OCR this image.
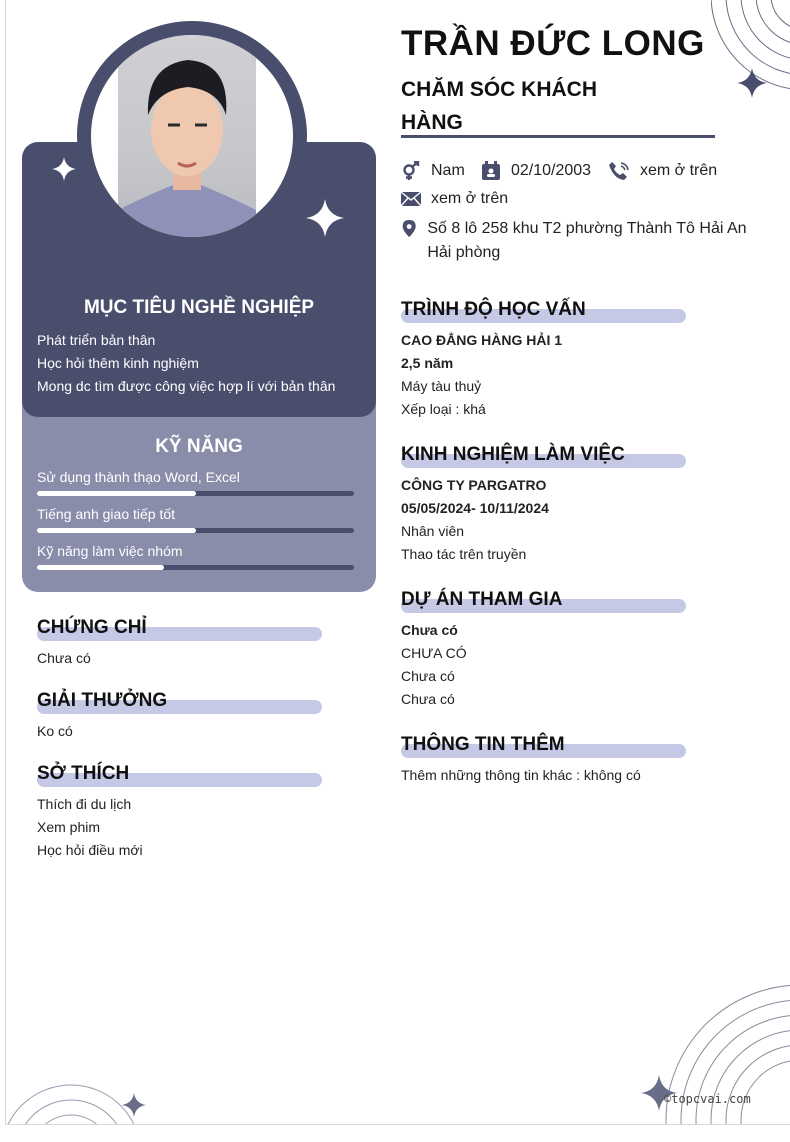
MỤC TIÊU NGHỀ NGHIỆP
Phát triển bản thân
Học hỏi thêm kinh nghiệm
Mong dc tìm được công việc hợp lí với bản thân
KỸ NĂNG
Sử dụng thành thạo Word, Excel
Tiếng anh giao tiếp tốt
Kỹ năng làm việc nhóm
CHỨNG CHỈ
Chưa có
GIẢI THƯỞNG
Ko có
SỞ THÍCH
Thích đi du lịch
Xem phim
Học hỏi điều mới
TRẦN ĐỨC LONG
CHĂM SÓC KHÁCH HÀNG
Nam	02/10/2003	xem ở trên
xem ở trên
Số 8 lô 258 khu T2 phường Thành Tô Hải An Hải phòng
TRÌNH ĐỘ HỌC VẤN
CAO ĐẲNG HÀNG HẢI 1
2,5 năm
Máy tàu thuỷ
Xếp loại : khá
KINH NGHIỆM LÀM VIỆC
CÔNG TY PARGATRO
05/05/2024- 10/11/2024
Nhân viên
Thao tác trên truyền
DỰ ÁN THAM GIA
Chưa có
CHƯA CÓ
Chưa có
Chưa có
THÔNG TIN THÊM
Thêm những thông tin khác : không có
©topcvai.com
